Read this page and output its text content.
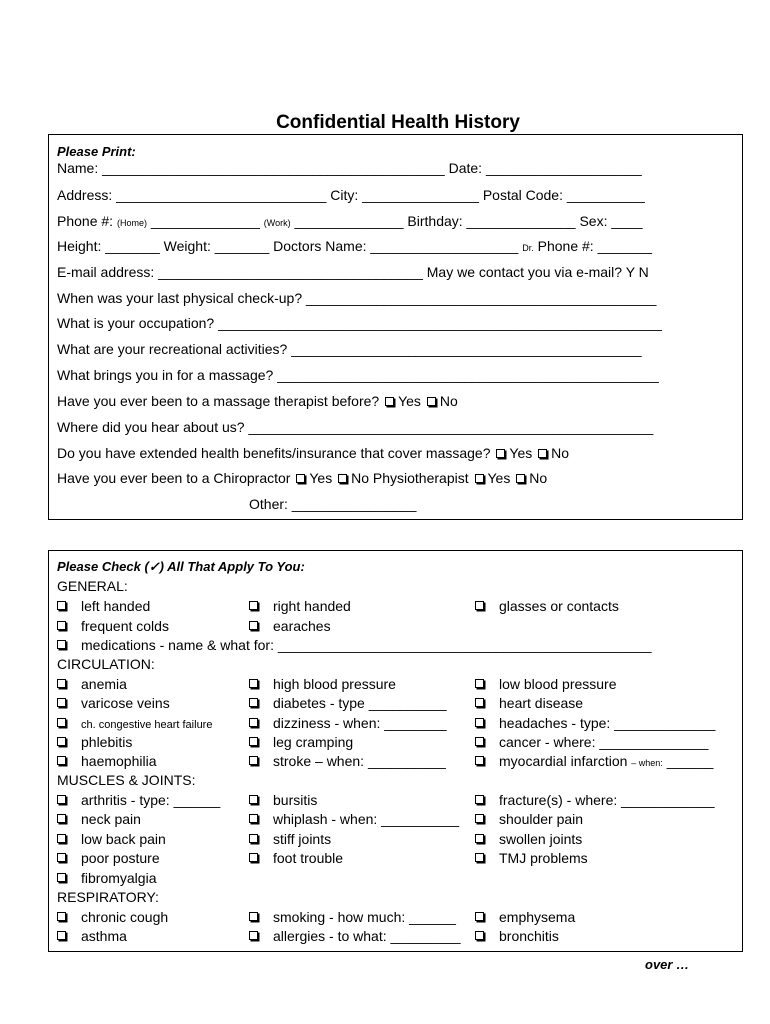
Confidential Health History
Please Print:
Name: ____________________________________________ Date: ____________________
Address: ___________________________ City: _______________ Postal Code: __________
Phone #: (Home) ______________ (Work) ______________ Birthday: ______________ Sex: ____
Height: _______ Weight: _______ Doctors Name: ___________________ Dr. Phone #: _______
E-mail address: __________________________________ May we contact you via e-mail? Y N
When was your last physical check-up? _____________________________________________
What is your occupation? _________________________________________________________
What are your recreational activities? _____________________________________________
What brings you in for a massage? _________________________________________________
Have you ever been to a massage therapist before? Yes No
Where did you hear about us? ____________________________________________________
Do you have extended health benefits/insurance that cover massage? Yes No
Have you ever been to a Chiropractor Yes No Physiotherapist Yes No
Other: ________________
Please Check (✓) All That Apply To You:
GENERAL:
CIRCULATION:
MUSCLES & JOINTS:
RESPIRATORY:
medications - name & what for: ________________________________________________
left handed	right handed	glasses or contacts
frequent colds	earaches
anemia	high blood pressure	low blood pressure
varicose veins	diabetes - type __________	heart disease
ch. congestive heart failure	dizziness - when: ________	headaches - type: _____________
phlebitis	leg cramping	cancer - where: ______________
haemophilia	stroke – when: __________	myocardial infarction – when: ______
arthritis - type: ______	bursitis	fracture(s) - where: ____________
neck pain	whiplash - when: __________	shoulder pain
low back pain	stiff joints	swollen joints
poor posture	foot trouble	TMJ problems
fibromyalgia
chronic cough	smoking - how much: ______	emphysema
asthma	allergies - to what: _________	bronchitis
over …
